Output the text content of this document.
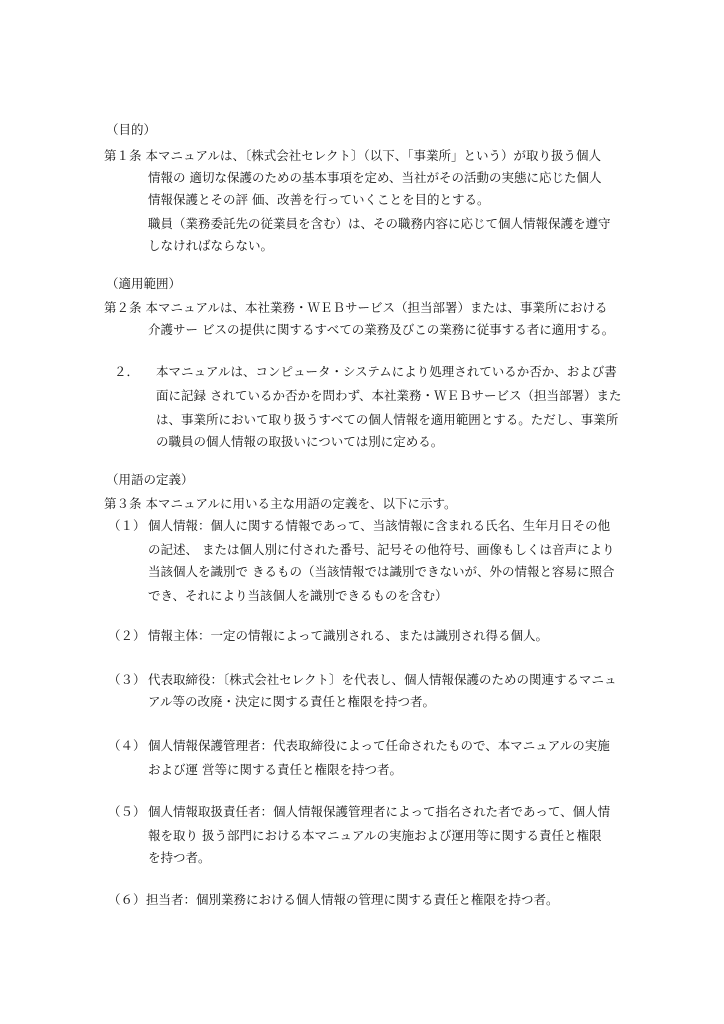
（目的）
第１条 本マニュアルは、〔株式会社セレクト〕（以下、「事業所」という）が取り扱う個人
情報の 適切な保護のための基本事項を定め、当社がその活動の実態に応じた個人
情報保護とその評 価、改善を行っていくことを目的とする。
職員（業務委託先の従業員を含む）は、その職務内容に応じて個人情報保護を遵守
しなければならない。
（適用範囲）
第２条 本マニュアルは、本社業務・ＷＥＢサービス（担当部署）または、事業所における
介護サー ビスの提供に関するすべての業務及びこの業務に従事する者に適用する。
２． 本マニュアルは、コンピュータ・システムにより処理されているか否か、および書
面に記録 されているか否かを問わず、本社業務・ＷＥＢサービス（担当部署）また
は、事業所において取り扱うすべての個人情報を適用範囲とする。ただし、事業所
の職員の個人情報の取扱いについては別に定める。
（用語の定義）
第３条 本マニュアルに用いる主な用語の定義を、以下に示す。
（１） 個人情報：個人に関する情報であって、当該情報に含まれる氏名、生年月日その他
の記述、 または個人別に付された番号、記号その他符号、画像もしくは音声により
当該個人を識別で きるもの（当該情報では識別できないが、外の情報と容易に照合
でき、それにより当該個人を識別できるものを含む）
（２） 情報主体：一定の情報によって識別される、または識別され得る個人。
（３） 代表取締役：〔株式会社セレクト〕を代表し、個人情報保護のための関連するマニュ
アル等の改廃・決定に関する責任と権限を持つ者。
（４） 個人情報保護管理者：代表取締役によって任命されたもので、本マニュアルの実施
および運 営等に関する責任と権限を持つ者。
（５） 個人情報取扱責任者：個人情報保護管理者によって指名された者であって、個人情
報を取り 扱う部門における本マニュアルの実施および運用等に関する責任と権限
を持つ者。
（６） 担当者：個別業務における個人情報の管理に関する責任と権限を持つ者。
